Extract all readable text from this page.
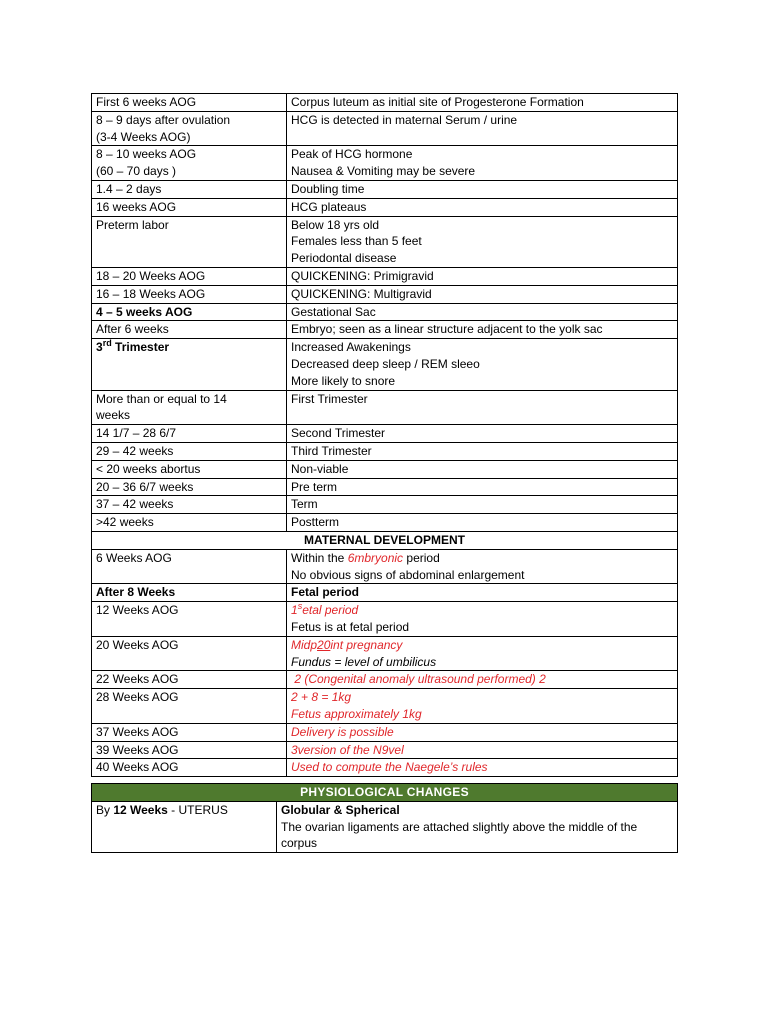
First 6 weeks AOG	Corpus luteum as initial site of Progesterone Formation

8 – 9 days after ovulation
(3-4 Weeks AOG)	HCG is detected in maternal Serum / urine

8 – 10 weeks AOG
(60 – 70 days )	Peak of HCG hormone
Nausea & Vomiting may be severe

1.4 – 2 days	Doubling time
16 weeks AOG	HCG plateaus
Preterm labor	Below 18 yrs old
Females less than 5 feet
Periodontal disease

18 – 20 Weeks AOG	QUICKENING: Primigravid
16 – 18 Weeks AOG	QUICKENING: Multigravid
4 – 5 weeks AOG	Gestational Sac
After 6 weeks	Embryo; seen as a linear structure adjacent to the yolk sac
3rd Trimester	Increased Awakenings
Decreased deep sleep / REM sleeo
More likely to snore

More than or equal to 14
weeks	First Trimester
14 1/7 – 28 6/7	Second Trimester
29 – 42 weeks	Third Trimester
< 20 weeks abortus	Non-viable
20 – 36 6/7 weeks	Pre term
37 – 42 weeks	Term
>42 weeks	Postterm
MATERNAL DEVELOPMENT	
6 Weeks AOG	Within the 6mbryonic period
No obvious signs of abdominal enlargement

After 8 Weeks	Fetal period
12 Weeks AOG	1$^s$etal period
Fetus is at fetal period

20 Weeks AOG	Midp20int pregnancy
Fundus = level of umbilicus

22 Weeks AOG	2 (Congenital anomaly ultrasound performed) 2
28 Weeks AOG	2 + 8 = 1kg
Fetus approximately 1kg

37 Weeks AOG	Delivery is possible
39 Weeks AOG	3version of the N9vel
40 Weeks AOG	Used to compute the Naegele’s rules
PHYSIOLOGICAL CHANGES
By 12 Weeks - UTERUS	Globular & Spherical
The ovarian ligaments are attached slightly above the middle of the corpus
